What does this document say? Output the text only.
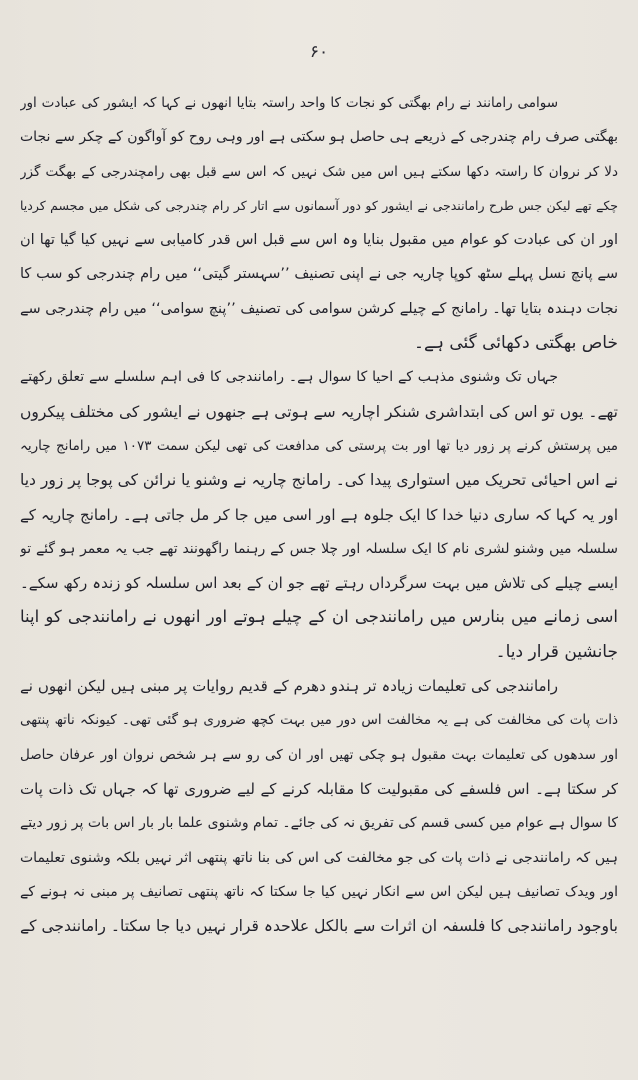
۶۰
سوامی رامانند نے رام بھگتی کو نجات کا واحد راستہ بتایا انھوں نے کہا کہ ایشور کی عبادت اور
بھگتی صرف رام چندرجی کے ذریعے ہی حاصل ہو سکتی ہے اور وہی روح کو آواگون کے چکر سے نجات
دلا کر نروان کا راستہ دکھا سکتے ہیں اس میں شک نہیں کہ اس سے قبل بھی رامچندرجی کے بھگت گزر
چکے تھے لیکن جس طرح رامانندجی نے ایشور کو دور آسمانوں سے اتار کر رام چندرجی کی شکل میں مجسم کردیا
اور ان کی عبادت کو عوام میں مقبول بنایا وہ اس سے قبل اس قدر کامیابی سے نہیں کیا گیا تھا ان
سے پانچ نسل پہلے سٹھ کوپا چاریہ جی نے اپنی تصنیف ’’سہستر گیتی‘‘ میں رام چندرجی کو سب کا
نجات دہندہ بتایا تھا۔ رامانج کے چیلے کرشن سوامی کی تصنیف ’’پنچ سوامی‘‘ میں رام چندرجی سے
خاص بھگتی دکھائی گئی ہے۔
جہاں تک وشنوی مذہب کے احیا کا سوال ہے۔ رامانندجی کا فی اہم سلسلے سے تعلق رکھتے
تھے۔ یوں تو اس کی ابتداشری شنکر اچاریہ سے ہوتی ہے جنھوں نے ایشور کی مختلف پیکروں
میں پرستش کرنے پر زور دیا تھا اور بت پرستی کی مدافعت کی تھی لیکن سمت ۱۰۷۳ میں رامانج چاریہ
نے اس احیائی تحریک میں استواری پیدا کی۔ رامانج چاریہ نے وشنو یا نرائن کی پوجا پر زور دیا
اور یہ کہا کہ ساری دنیا خدا کا ایک جلوہ ہے اور اسی میں جا کر مل جاتی ہے۔ رامانج چاریہ کے
سلسلہ میں وشنو لشری نام کا ایک سلسلہ اور چلا جس کے رہنما راگھونند تھے جب یہ معمر ہو گئے تو
ایسے چیلے کی تلاش میں بہت سرگرداں رہتے تھے جو ان کے بعد اس سلسلہ کو زندہ رکھ سکے۔
اسی زمانے میں بنارس میں رامانندجی ان کے چیلے ہوتے اور انھوں نے رامانندجی کو اپنا
جانشین قرار دیا۔
رامانندجی کی تعلیمات زیادہ تر ہندو دھرم کے قدیم روایات پر مبنی ہیں لیکن انھوں نے
ذات پات کی مخالفت کی ہے یہ مخالفت اس دور میں بہت کچھ ضروری ہو گئی تھی۔ کیونکہ ناتھ پنتھی
اور سدھوں کی تعلیمات بہت مقبول ہو چکی تھیں اور ان کی رو سے ہر شخص نروان اور عرفان حاصل
کر سکتا ہے۔ اس فلسفے کی مقبولیت کا مقابلہ کرنے کے لیے ضروری تھا کہ جہاں تک ذات پات
کا سوال ہے عوام میں کسی قسم کی تفریق نہ کی جائے۔ تمام وشنوی علما بار بار اس بات پر زور دیتے
ہیں کہ رامانندجی نے ذات پات کی جو مخالفت کی اس کی بنا ناتھ پنتھی اثر نہیں بلکہ وشنوی تعلیمات
اور ویدک تصانیف ہیں لیکن اس سے انکار نہیں کیا جا سکتا کہ ناتھ پنتھی تصانیف پر مبنی نہ ہونے کے
باوجود رامانندجی کا فلسفہ ان اثرات سے بالکل علاحدہ قرار نہیں دیا جا سکتا۔ رامانندجی کے
